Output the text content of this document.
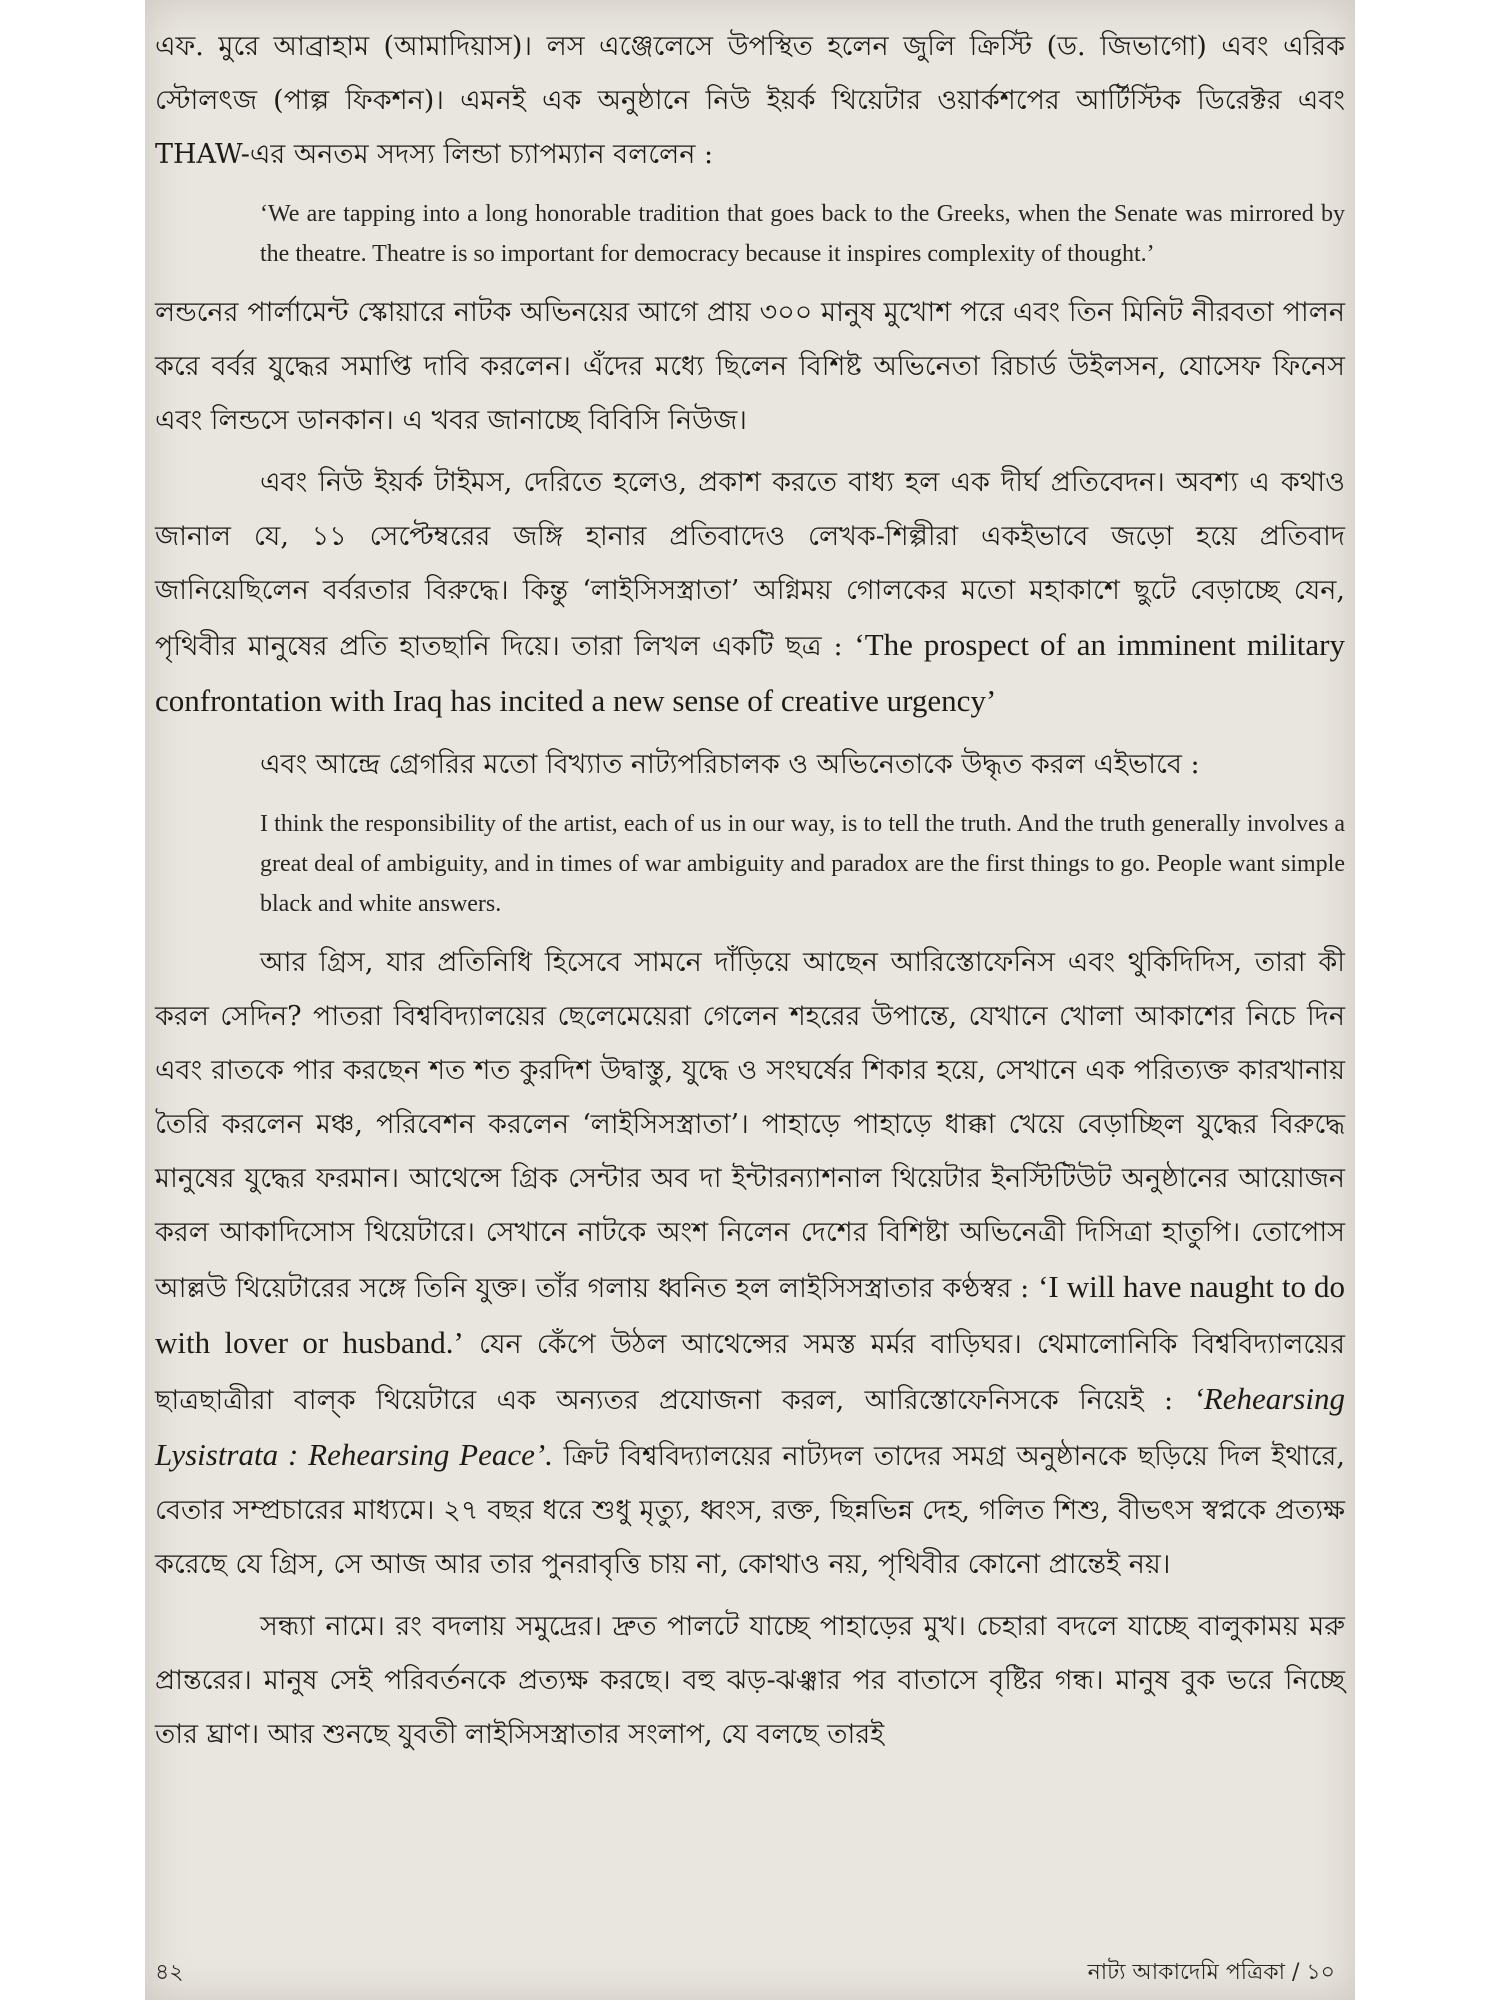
এফ. মুরে আব্রাহাম (আমাদিয়াস)। লস এঞ্জেলেসে উপস্থিত হলেন জুলি ক্রিস্টি (ড. জিভাগো) এবং এরিক স্টোলৎজ (পাল্প ফিকশন)। এমনই এক অনুষ্ঠানে নিউ ইয়র্ক থিয়েটার ওয়ার্কশপের আর্টিস্টিক ডিরেক্টর এবং THAW-এর অনতম সদস্য লিন্ডা চ্যাপম্যান বললেন :

‘We are tapping into a long honorable tradition that goes back to the Greeks, when the Senate was mirrored by the theatre. Theatre is so important for democracy because it inspires complexity of thought.’

লন্ডনের পার্লামেন্ট স্কোয়ারে নাটক অভিনয়ের আগে প্রায় ৩০০ মানুষ মুখোশ পরে এবং তিন মিনিট নীরবতা পালন করে বর্বর যুদ্ধের সমাপ্তি দাবি করলেন। এঁদের মধ্যে ছিলেন বিশিষ্ট অভিনেতা রিচার্ড উইলসন, যোসেফ ফিনেস এবং লিন্ডসে ডানকান। এ খবর জানাচ্ছে বিবিসি নিউজ।

এবং নিউ ইয়র্ক টাইমস, দেরিতে হলেও, প্রকাশ করতে বাধ্য হল এক দীর্ঘ প্রতিবেদন। অবশ্য এ কথাও জানাল যে, ১১ সেপ্টেম্বরের জঙ্গি হানার প্রতিবাদেও লেখক-শিল্পীরা একইভাবে জড়ো হয়ে প্রতিবাদ জানিয়েছিলেন বর্বরতার বিরুদ্ধে। কিন্তু ‘লাইসিসস্ত্রাতা’ অগ্নিময় গোলকের মতো মহাকাশে ছুটে বেড়াচ্ছে যেন, পৃথিবীর মানুষের প্রতি হাতছানি দিয়ে। তারা লিখল একটি ছত্র : ‘The prospect of an imminent military confrontation with Iraq has incited a new sense of creative urgency’

এবং আন্দ্রে গ্রেগরির মতো বিখ্যাত নাট্যপরিচালক ও অভিনেতাকে উদ্ধৃত করল এইভাবে :

I think the responsibility of the artist, each of us in our way, is to tell the truth. And the truth generally involves a great deal of ambiguity, and in times of war ambiguity and paradox are the first things to go. People want simple black and white answers.

আর গ্রিস, যার প্রতিনিধি হিসেবে সামনে দাঁড়িয়ে আছেন আরিস্তোফেনিস এবং থুকিদিদিস, তারা কী করল সেদিন? পাতরা বিশ্ববিদ্যালয়ের ছেলেমেয়েরা গেলেন শহরের উপান্তে, যেখানে খোলা আকাশের নিচে দিন এবং রাতকে পার করছেন শত শত কুরদিশ উদ্বাস্তু, যুদ্ধে ও সংঘর্ষের শিকার হয়ে, সেখানে এক পরিত্যক্ত কারখানায় তৈরি করলেন মঞ্চ, পরিবেশন করলেন ‘লাইসিসস্ত্রাতা’। পাহাড়ে পাহাড়ে ধাক্কা খেয়ে বেড়াচ্ছিল যুদ্ধের বিরুদ্ধে মানুষের যুদ্ধের ফরমান। আথেন্সে গ্রিক সেন্টার অব দা ইন্টারন্যাশনাল থিয়েটার ইনস্টিটিউট অনুষ্ঠানের আয়োজন করল আকাদিসোস থিয়েটারে। সেখানে নাটকে অংশ নিলেন দেশের বিশিষ্টা অভিনেত্রী দিসিত্রা হাতুপি। তোপোস আল্লউ থিয়েটারের সঙ্গে তিনি যুক্ত। তাঁর গলায় ধ্বনিত হল লাইসিসস্ত্রাতার কণ্ঠস্বর : ‘I will have naught to do with lover or husband.’ যেন কেঁপে উঠল আথেন্সের সমস্ত মর্মর বাড়িঘর। থেমালোনিকি বিশ্ববিদ্যালয়ের ছাত্রছাত্রীরা বাল্‌ক থিয়েটারে এক অন্যতর প্রযোজনা করল, আরিস্তোফেনিসকে নিয়েই : ‘Rehearsing Lysistrata : Rehearsing Peace’. ক্রিট বিশ্ববিদ্যালয়ের নাট্যদল তাদের সমগ্র অনুষ্ঠানকে ছড়িয়ে দিল ইথারে, বেতার সম্প্রচারের মাধ্যমে। ২৭ বছর ধরে শুধু মৃত্যু, ধ্বংস, রক্ত, ছিন্নভিন্ন দেহ, গলিত শিশু, বীভৎস স্বপ্নকে প্রত্যক্ষ করেছে যে গ্রিস, সে আজ আর তার পুনরাবৃত্তি চায় না, কোথাও নয়, পৃথিবীর কোনো প্রান্তেই নয়।

সন্ধ্যা নামে। রং বদলায় সমুদ্রের। দ্রুত পালটে যাচ্ছে পাহাড়ের মুখ। চেহারা বদলে যাচ্ছে বালুকাময় মরু প্রান্তরের। মানুষ সেই পরিবর্তনকে প্রত্যক্ষ করছে। বহু ঝড়-ঝঞ্ঝার পর বাতাসে বৃষ্টির গন্ধ। মানুষ বুক ভরে নিচ্ছে তার ঘ্রাণ। আর শুনছে যুবতী লাইসিসস্ত্রাতার সংলাপ, যে বলছে তারই

৪২	নাট্য আকাদেমি পত্রিকা / ১০
